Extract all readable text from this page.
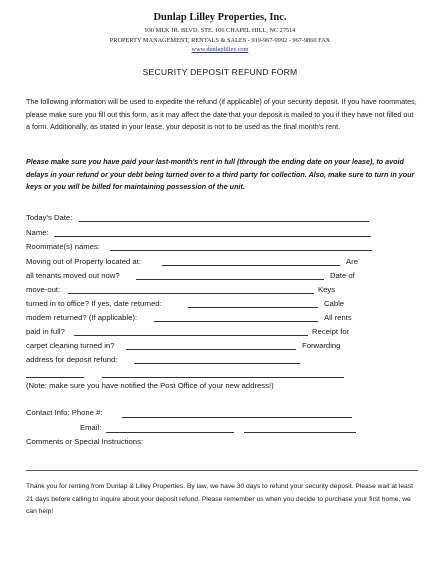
Dunlap Lilley Properties, Inc.
930 MLK JR. BLVD. STE. 106 CHAPEL HILL, NC 27514
PROPERTY MANAGEMENT, RENTALS & SALES - 919-967-9992 - 967-9860 FAX
www.dunlaplilley.com
SECURITY DEPOSIT REFUND FORM
The following information will be used to expedite the refund (if applicable) of your security deposit. If you have roommates, please make sure you fill out this form, as it may affect the date that your deposit is mailed to you if they have not filled out a form. Additionally, as stated in your lease, your deposit is not to be used as the final month's rent.
Please make sure you have paid your last-month's rent in full (through the ending date on your lease), to avoid delays in your refund or your debt being turned over to a third party for collection. Also, make sure to turn in your keys or you will be billed for maintaining possession of the unit.
Today's Date:
Name:
Roommate(s) names:
Moving out of Property located at:	Are
all tenants moved out now?	Date of
move-out:	Keys
turned in to office? If yes, date returned:	Cable
modem returned? (If applicable):	All rents
paid in full?	Receipt for
carpet cleaning turned in?	Forwarding
address for deposit refund:
(Note: make sure you have notified the Post Office of your new address!)
Contact Info: Phone #:
Email:
Comments or Special Instructions:
Thank you for renting from Dunlap & Lilley Properties. By law, we have 30 days to refund your security deposit. Please wait at least 21 days before calling to inquire about your deposit refund. Please remember us when you decide to purchase your first home, we can help!
